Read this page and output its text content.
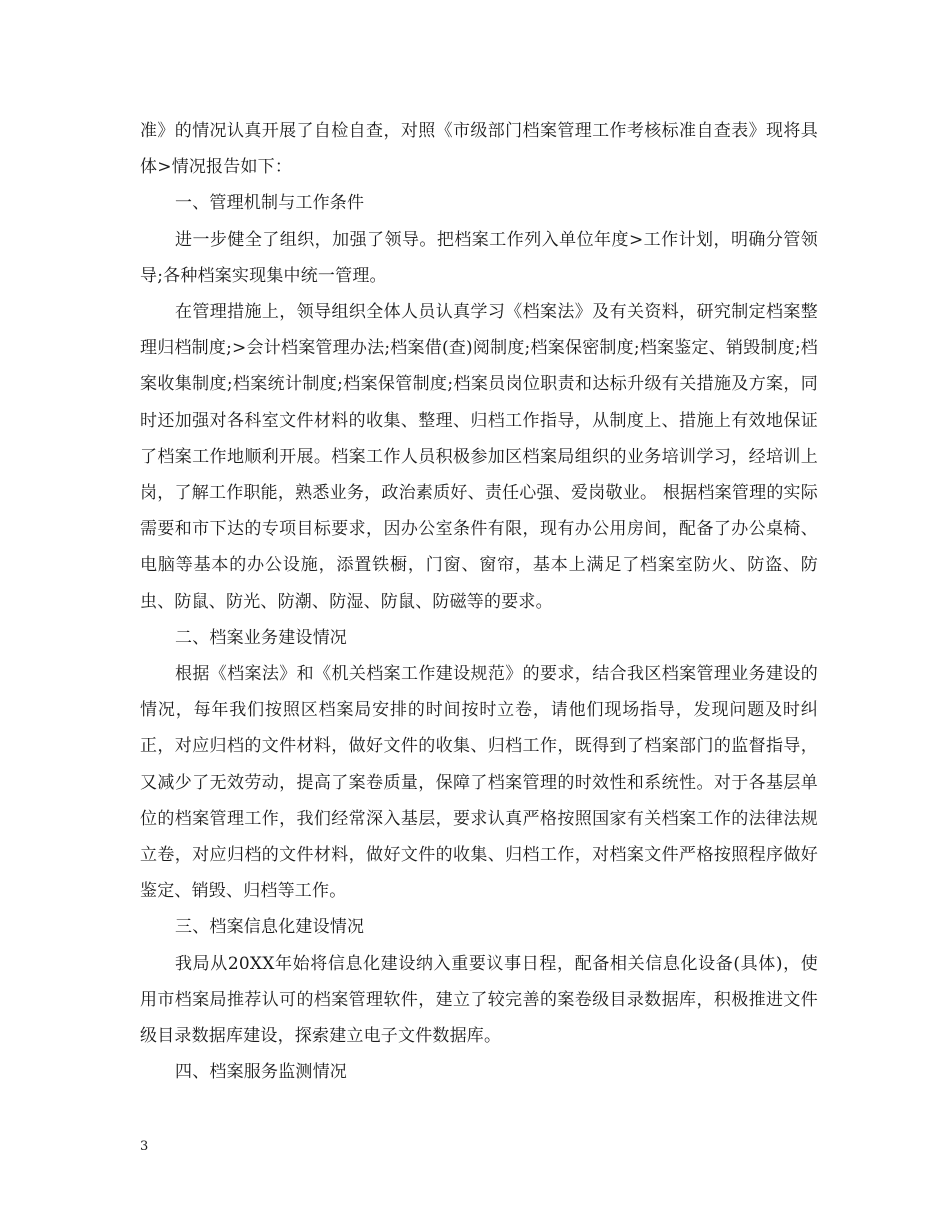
准》的情况认真开展了自检自查，对照《市级部门档案管理工作考核标准自查表》现将具体>情况报告如下：

一、管理机制与工作条件

进一步健全了组织，加强了领导。把档案工作列入单位年度>工作计划，明确分管领导;各种档案实现集中统一管理。

在管理措施上，领导组织全体人员认真学习《档案法》及有关资料，研究制定档案整理归档制度;>会计档案管理办法;档案借(查)阅制度;档案保密制度;档案鉴定、销毁制度;档案收集制度;档案统计制度;档案保管制度;档案员岗位职责和达标升级有关措施及方案，同时还加强对各科室文件材料的收集、整理、归档工作指导，从制度上、措施上有效地保证了档案工作地顺利开展。档案工作人员积极参加区档案局组织的业务培训学习，经培训上岗，了解工作职能，熟悉业务，政治素质好、责任心强、爱岗敬业。 根据档案管理的实际需要和市下达的专项目标要求，因办公室条件有限，现有办公用房间，配备了办公桌椅、电脑等基本的办公设施，添置铁橱，门窗、窗帘，基本上满足了档案室防火、防盗、防虫、防鼠、防光、防潮、防湿、防鼠、防磁等的要求。

二、档案业务建设情况

根据《档案法》和《机关档案工作建设规范》的要求，结合我区档案管理业务建设的情况，每年我们按照区档案局安排的时间按时立卷，请他们现场指导，发现问题及时纠正，对应归档的文件材料，做好文件的收集、归档工作，既得到了档案部门的监督指导，又减少了无效劳动，提高了案卷质量，保障了档案管理的时效性和系统性。对于各基层单位的档案管理工作，我们经常深入基层，要求认真严格按照国家有关档案工作的法律法规立卷，对应归档的文件材料，做好文件的收集、归档工作，对档案文件严格按照程序做好鉴定、销毁、归档等工作。

三、档案信息化建设情况

我局从20XX年始将信息化建设纳入重要议事日程，配备相关信息化设备(具体)，使用市档案局推荐认可的档案管理软件，建立了较完善的案卷级目录数据库，积极推进文件级目录数据库建设，探索建立电子文件数据库。

四、档案服务监测情况

3
